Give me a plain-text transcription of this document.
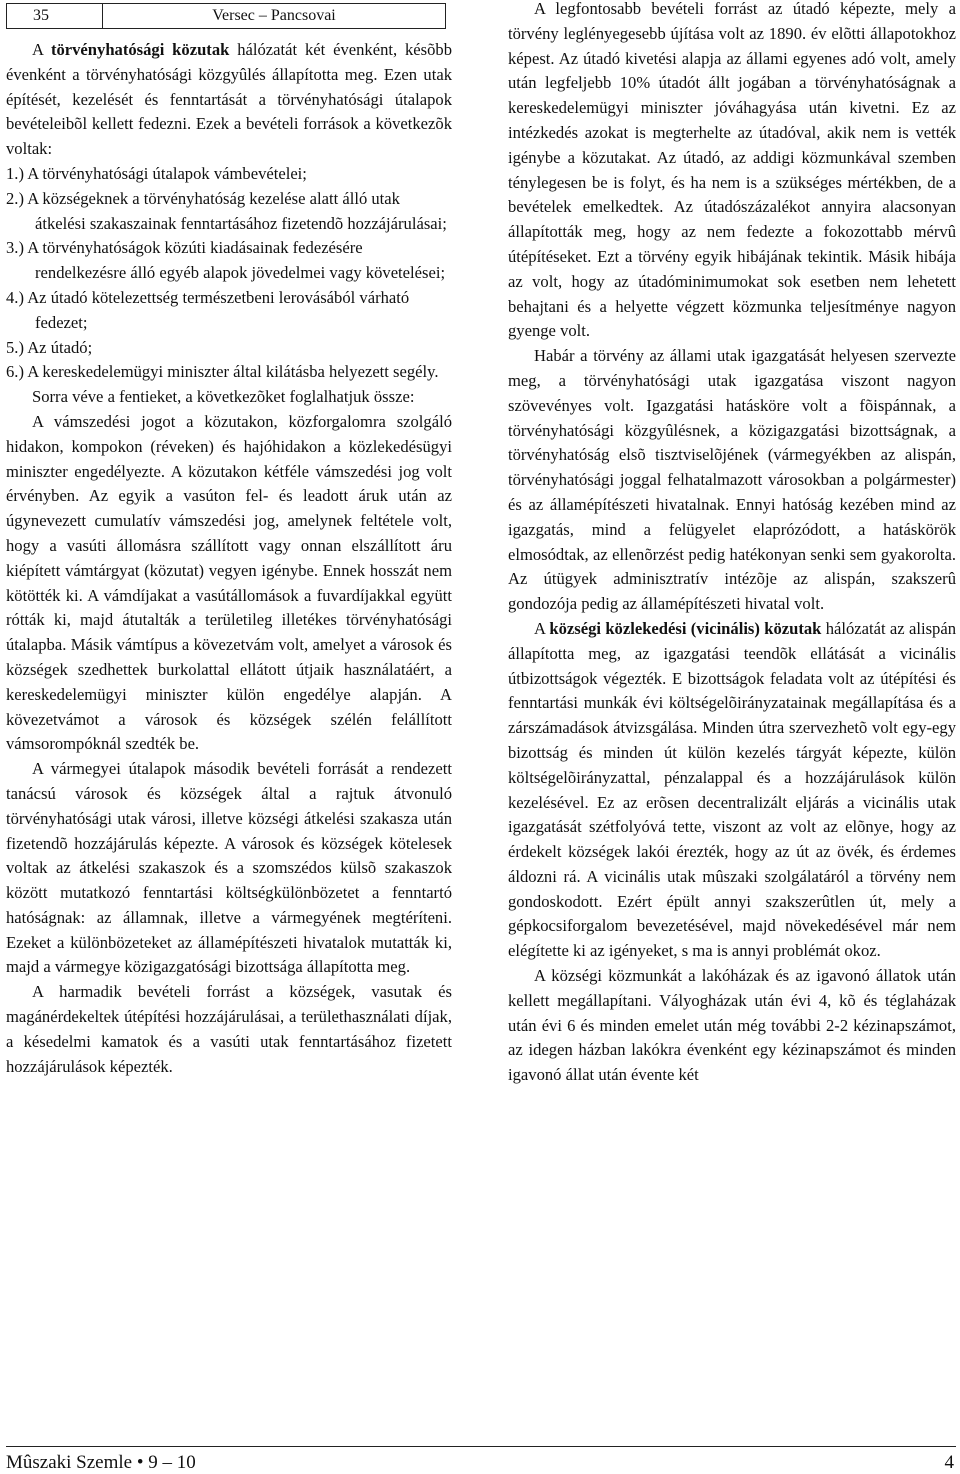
35	Versec – Pancsovai

A törvényhatósági közutak hálózatát két évenként, késõbb évenként a törvényhatósági közgyûlés állapította meg. Ezen utak építését, kezelését és fenntartását a törvényhatósági útalapok bevételeibõl kellett fedezni. Ezek a bevételi források a következõk voltak:

1.) A törvényhatósági útalapok vámbevételei;

2.) A községeknek a törvényhatóság kezelése alatt álló utak átkelési szakaszainak fenntartásához fizetendõ hozzájárulásai;

3.) A törvényhatóságok közúti kiadásainak fedezésére rendelkezésre álló egyéb alapok jövedelmei vagy követelései;

4.) Az útadó kötelezettség természetbeni lerovásából várható fedezet;

5.) Az útadó;

6.) A kereskedelemügyi miniszter által kilátásba helyezett segély.

Sorra véve a fentieket, a következõket foglalhatjuk össze:

A vámszedési jogot a közutakon, közforgalomra szolgáló hidakon, kompokon (réveken) és hajóhidakon a közlekedésügyi miniszter engedélyezte. A közutakon kétféle vámszedési jog volt érvényben. Az egyik a vasúton fel- és leadott áruk után az úgynevezett cumulatív vámszedési jog, amelynek feltétele volt, hogy a vasúti állomásra szállított vagy onnan elszállított áru kiépített vámtárgyat (közutat) vegyen igénybe. Ennek hosszát nem kötötték ki. A vámdíjakat a vasútállomások a fuvardíjakkal együtt rótták ki, majd átutalták a területileg illetékes törvényhatósági útalapba. Másik vámtípus a kövezetvám volt, amelyet a városok és községek szedhettek burkolattal ellátott útjaik használatáért, a kereskedelemügyi miniszter külön engedélye alapján. A kövezetvámot a városok és községek szélén felállított vámsorompóknál szedték be.

A vármegyei útalapok második bevételi forrását a rendezett tanácsú városok és községek által a rajtuk átvonuló törvényhatósági utak városi, illetve községi átkelési szakasza után fizetendõ hozzájárulás képezte. A városok és községek kötelesek voltak az átkelési szakaszok és a szomszédos külsõ szakaszok között mutatkozó fenntartási költségkülönbözetet a fenntartó hatóságnak: az államnak, illetve a vármegyének megtéríteni. Ezeket a különbözeteket az államépítészeti hivatalok mutatták ki, majd a vármegye közigazgatósági bizottsága állapította meg.

A harmadik bevételi forrást a községek, vasutak és magánérdekeltek útépítési hozzájárulásai, a területhasználati díjak, a késedelmi kamatok és a vasúti utak fenntartásához fizetett hozzájárulások képezték.

A legfontosabb bevételi forrást az útadó képezte, mely a törvény leglényegesebb újítása volt az 1890. év elõtti állapotokhoz képest. Az útadó kivetési alapja az állami egyenes adó volt, amely után legfeljebb 10% útadót állt jogában a törvényhatóságnak a kereskedelemügyi miniszter jóváhagyása után kivetni. Ez az intézkedés azokat is megterhelte az útadóval, akik nem is vették igénybe a közutakat. Az útadó, az addigi közmunkával szemben ténylegesen be is folyt, és ha nem is a szükséges mértékben, de a bevételek emelkedtek. Az útadószázalékot annyira alacsonyan állapították meg, hogy az nem fedezte a fokozottabb mérvû útépítéseket. Ezt a törvény egyik hibájának tekintik. Másik hibája az volt, hogy az útadóminimumokat sok esetben nem lehetett behajtani és a helyette végzett közmunka teljesítménye nagyon gyenge volt.

Habár a törvény az állami utak igazgatását helyesen szervezte meg, a törvényhatósági utak igazgatása viszont nagyon szövevényes volt. Igazgatási hatásköre volt a fõispánnak, a törvényhatósági közgyûlésnek, a közigazgatási bizottságnak, a törvényhatóság elsõ tisztviselõjének (vármegyékben az alispán, törvényhatósági joggal felhatalmazott városokban a polgármester) és az államépítészeti hivatalnak. Ennyi hatóság kezében mind az igazgatás, mind a felügyelet elaprózódott, a hatáskörök elmosódtak, az ellenõrzést pedig hatékonyan senki sem gyakorolta. Az útügyek adminisztratív intézõje az alispán, szakszerû gondozója pedig az államépítészeti hivatal volt.

A községi közlekedési (vicinális) közutak hálózatát az alispán állapította meg, az igazgatási teendõk ellátását a vicinális útbizottságok végezték. E bizottságok feladata volt az útépítési és fenntartási munkák évi költségelõirányzatainak megállapítása és a zárszámadások átvizsgálása. Minden útra szervezhetõ volt egy-egy bizottság és minden út külön kezelés tárgyát képezte, külön költségelõirányzattal, pénzalappal és a hozzájárulások külön kezelésével. Ez az erõsen decentralizált eljárás a vicinális utak igazgatását szétfolyóvá tette, viszont az volt az elõnye, hogy az érdekelt községek lakói érezték, hogy az út az övék, és érdemes áldozni rá. A vicinális utak mûszaki szolgálatáról a törvény nem gondoskodott. Ezért épült annyi szakszerûtlen út, mely a gépkocsiforgalom bevezetésével, majd növekedésével már nem elégítette ki az igényeket, s ma is annyi problémát okoz.

A községi közmunkát a lakóházak és az igavonó állatok után kellett megállapítani. Vályogházak után évi 4, kõ és téglaházak után évi 6 és minden emelet után még további 2-2 kézinapszámot, az idegen házban lakókra évenként egy kézinapszámot és minden igavonó állat után évente két

Mûszaki Szemle • 9 – 10	4
